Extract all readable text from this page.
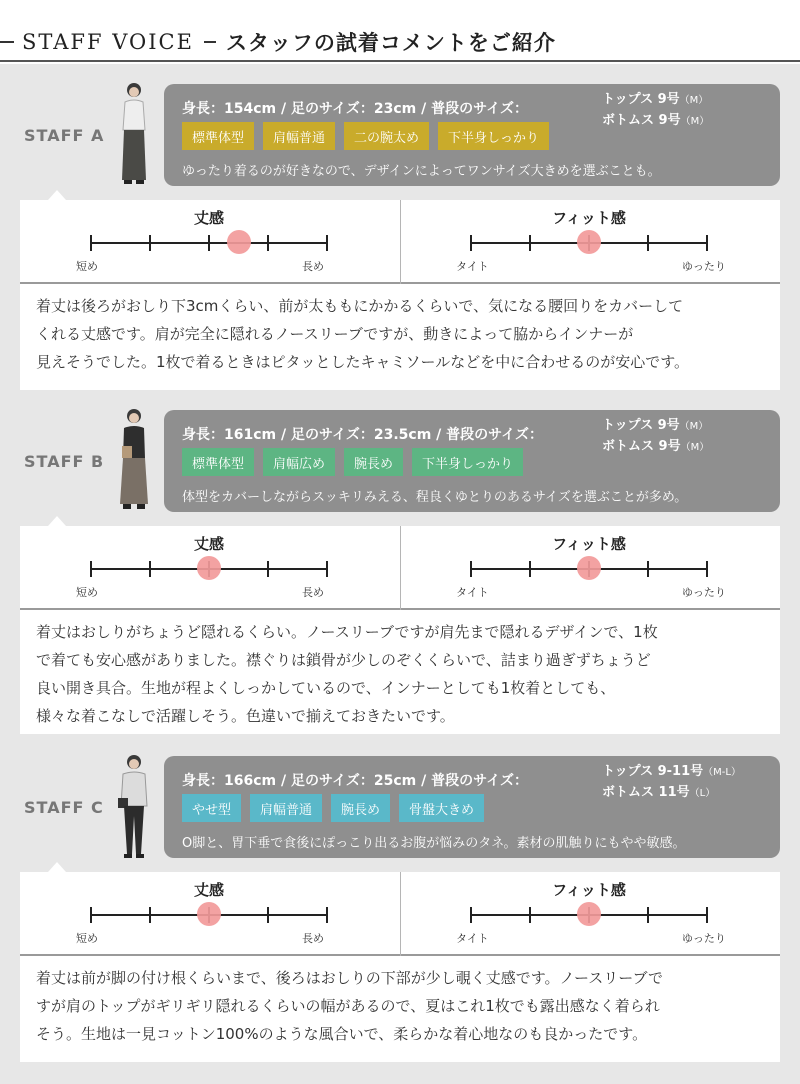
STAFF VOICE スタッフの試着コメントをご紹介
STAFF A
身長：154cm / 足のサイズ：23cm / 普段のサイズ：
トップス 9号（M）
ボトムス 9号（M）
標準体型	肩幅普通	二の腕太め	下半身しっかり
ゆったり着るのが好きなので、デザインによってワンサイズ大きめを選ぶことも。
丈感
短め	長め
フィット感
タイト	ゆったり
着丈は後ろがおしり下3cmくらい、前が太ももにかかるくらいで、気になる腰回りをカバーして
くれる丈感です。肩が完全に隠れるノースリーブですが、動きによって脇からインナーが
見えそうでした。1枚で着るときはピタッとしたキャミソールなどを中に合わせるのが安心です。
STAFF B
身長：161cm / 足のサイズ：23.5cm / 普段のサイズ：
トップス 9号（M）
ボトムス 9号（M）
標準体型	肩幅広め	腕長め	下半身しっかり
体型をカバーしながらスッキリみえる、程良くゆとりのあるサイズを選ぶことが多め。
丈感
短め	長め
フィット感
タイト	ゆったり
着丈はおしりがちょうど隠れるくらい。ノースリーブですが肩先まで隠れるデザインで、1枚
で着ても安心感がありました。襟ぐりは鎖骨が少しのぞくくらいで、詰まり過ぎずちょうど
良い開き具合。生地が程よくしっかしているので、インナーとしても1枚着としても、
様々な着こなしで活躍しそう。色違いで揃えておきたいです。
STAFF C
身長：166cm / 足のサイズ：25cm / 普段のサイズ：
トップス 9-11号（M-L）
ボトムス 11号（L）
やせ型	肩幅普通	腕長め	骨盤大きめ
O脚と、胃下垂で食後にぽっこり出るお腹が悩みのタネ。素材の肌触りにもやや敏感。
丈感
短め	長め
フィット感
タイト	ゆったり
着丈は前が脚の付け根くらいまで、後ろはおしりの下部が少し覗く丈感です。ノースリーブで
すが肩のトップがギリギリ隠れるくらいの幅があるので、夏はこれ1枚でも露出感なく着られ
そう。生地は一見コットン100%のような風合いで、柔らかな着心地なのも良かったです。
